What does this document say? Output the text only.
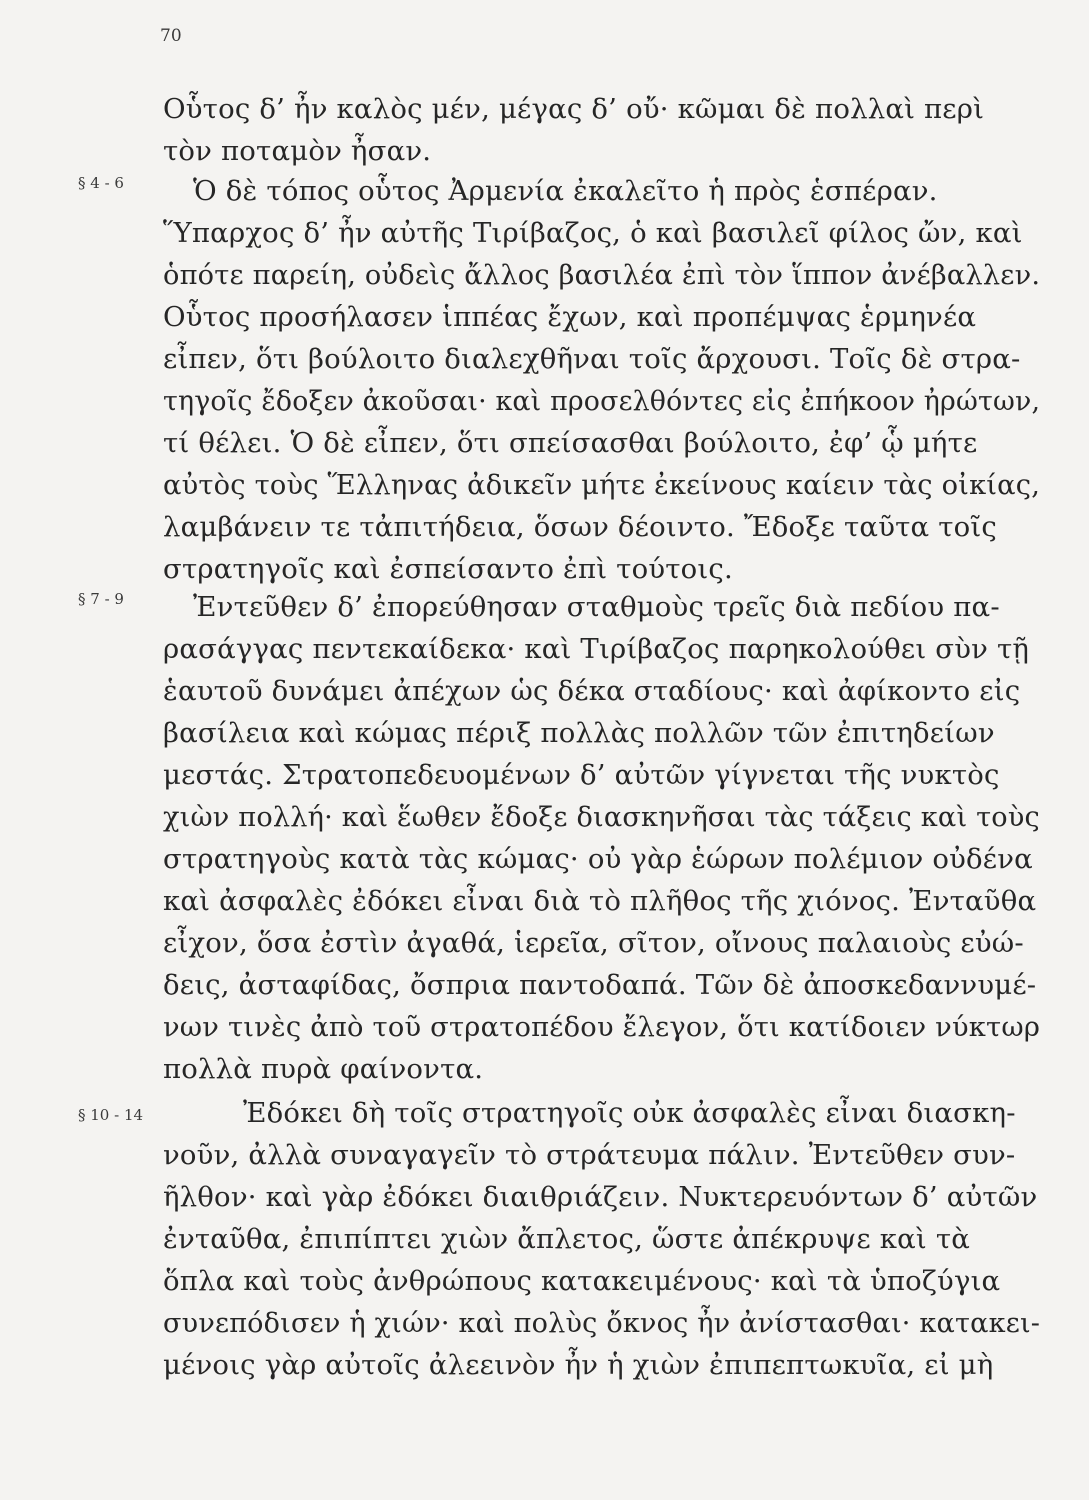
70
§ 4 - 6
§ 7 - 9
§ 10 - 14
Οὗτος δ’ ἦν καλὸς μέν, μέγας δ’ οὔ· κῶμαι δὲ πολλαὶ περὶ
τὸν ποταμὸν ἦσαν.
Ὁ δὲ τόπος οὗτος Ἀρμενία ἐκαλεῖτο ἡ πρὸς ἑσπέραν.
Ὕπαρχος δ’ ἦν αὐτῆς Τιρίβαζος, ὁ καὶ βασιλεῖ φίλος ὤν, καὶ
ὁπότε παρείη, οὐδεὶς ἄλλος βασιλέα ἐπὶ τὸν ἵππον ἀνέβαλλεν.
Οὗτος προσήλασεν ἱππέας ἔχων, καὶ προπέμψας ἑρμηνέα
εἶπεν, ὅτι βούλοιτο διαλεχθῆναι τοῖς ἄρχουσι. Τοῖς δὲ στρα-
τηγοῖς ἔδοξεν ἀκοῦσαι· καὶ προσελθόντες εἰς ἐπήκοον ἠρώτων,
τί θέλει. Ὁ δὲ εἶπεν, ὅτι σπείσασθαι βούλοιτο, ἐφ’ ᾧ μήτε
αὐτὸς τοὺς Ἕλληνας ἀδικεῖν μήτε ἐκείνους καίειν τὰς οἰκίας,
λαμβάνειν τε τἀπιτήδεια, ὅσων δέοιντο. Ἔδοξε ταῦτα τοῖς
στρατηγοῖς καὶ ἐσπείσαντο ἐπὶ τούτοις.
Ἐντεῦθεν δ’ ἐπορεύθησαν σταθμοὺς τρεῖς διὰ πεδίου πα-
ρασάγγας πεντεκαίδεκα· καὶ Τιρίβαζος παρηκολούθει σὺν τῇ
ἑαυτοῦ δυνάμει ἀπέχων ὡς δέκα σταδίους· καὶ ἀφίκοντο εἰς
βασίλεια καὶ κώμας πέριξ πολλὰς πολλῶν τῶν ἐπιτηδείων
μεστάς. Στρατοπεδευομένων δ’ αὐτῶν γίγνεται τῆς νυκτὸς
χιὼν πολλή· καὶ ἕωθεν ἔδοξε διασκηνῆσαι τὰς τάξεις καὶ τοὺς
στρατηγοὺς κατὰ τὰς κώμας· οὐ γὰρ ἑώρων πολέμιον οὐδένα
καὶ ἀσφαλὲς ἐδόκει εἶναι διὰ τὸ πλῆθος τῆς χιόνος. Ἐνταῦθα
εἶχον, ὅσα ἐστὶν ἀγαθά, ἱερεῖα, σῖτον, οἴνους παλαιοὺς εὐώ-
δεις, ἀσταφίδας, ὄσπρια παντοδαπά. Τῶν δὲ ἀποσκεδαννυμέ-
νων τινὲς ἀπὸ τοῦ στρατοπέδου ἔλεγον, ὅτι κατίδοιεν νύκτωρ
πολλὰ πυρὰ φαίνοντα.
Ἐδόκει δὴ τοῖς στρατηγοῖς οὐκ ἀσφαλὲς εἶναι διασκη-
νοῦν, ἀλλὰ συναγαγεῖν τὸ στράτευμα πάλιν. Ἐντεῦθεν συν-
ῆλθον· καὶ γὰρ ἐδόκει διαιθριάζειν. Νυκτερευόντων δ’ αὐτῶν
ἐνταῦθα, ἐπιπίπτει χιὼν ἄπλετος, ὥστε ἀπέκρυψε καὶ τὰ
ὅπλα καὶ τοὺς ἀνθρώπους κατακειμένους· καὶ τὰ ὑποζύγια
συνεπόδισεν ἡ χιών· καὶ πολὺς ὄκνος ἦν ἀνίστασθαι· κατακει-
μένοις γὰρ αὐτοῖς ἀλεεινὸν ἦν ἡ χιὼν ἐπιπεπτωκυῖα, εἰ μὴ
